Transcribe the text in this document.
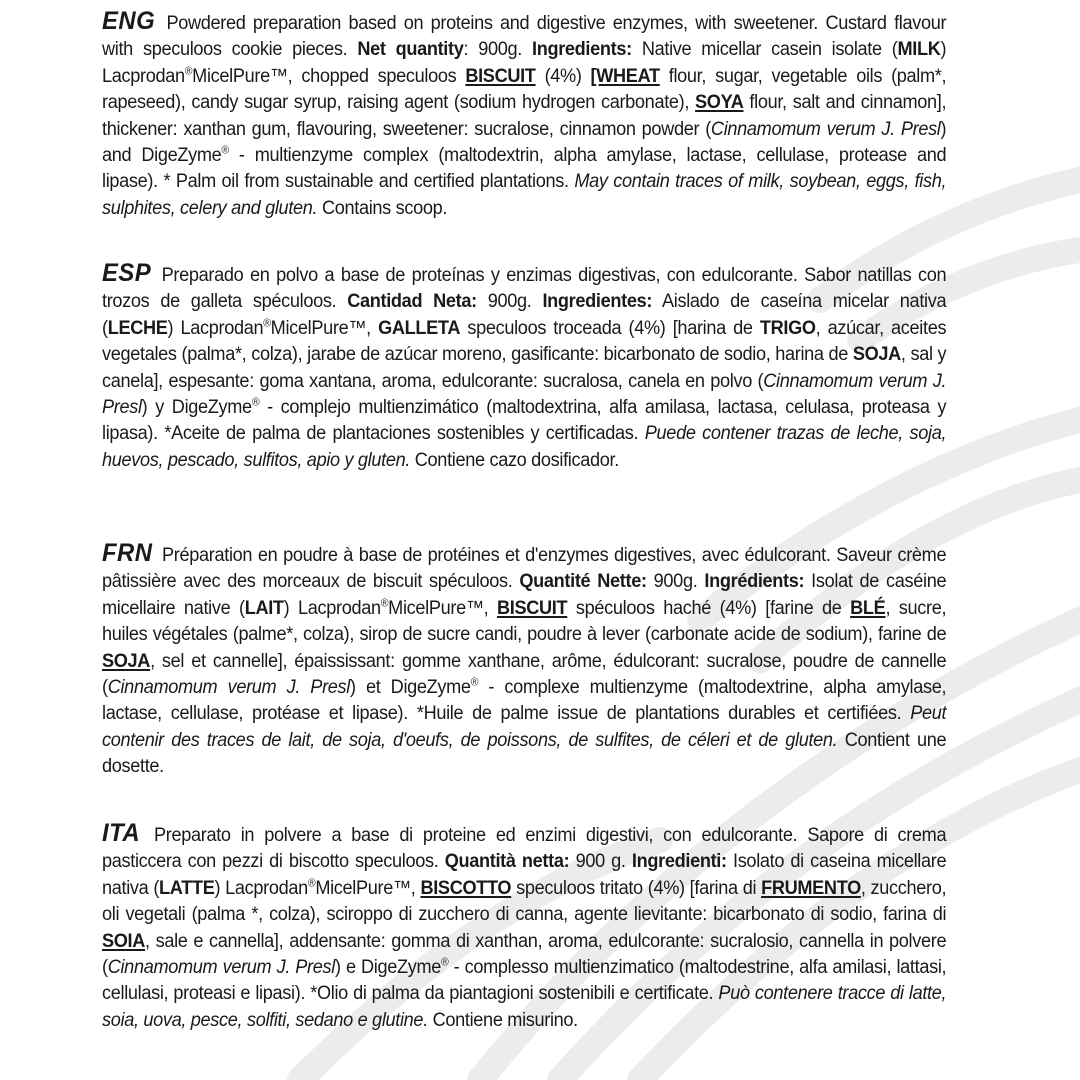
ENG Powdered preparation based on proteins and digestive enzymes, with sweetener. Custard flavour with speculoos cookie pieces. Net quantity: 900g. Ingredients: Native micellar casein isolate (MILK) Lacprodan®MicelPure™, chopped speculoos BISCUIT (4%) [WHEAT flour, sugar, vegetable oils (palm*, rapeseed), candy sugar syrup, raising agent (sodium hydrogen carbonate), SOYA flour, salt and cinnamon], thickener: xanthan gum, flavouring, sweetener: sucralose, cinnamon powder (Cinnamomum verum J. Presl) and DigeZyme® - multienzyme complex (maltodextrin, alpha amylase, lactase, cellulase, protease and lipase). * Palm oil from sustainable and certified plantations. May contain traces of milk, soybean, eggs, fish, sulphites, celery and gluten. Contains scoop.
ESP Preparado en polvo a base de proteínas y enzimas digestivas, con edulcorante. Sabor natillas con trozos de galleta spéculoos. Cantidad Neta: 900g. Ingredientes: Aislado de caseína micelar nativa (LECHE) Lacprodan®MicelPure™, GALLETA speculoos troceada (4%) [harina de TRIGO, azúcar, aceites vegetales (palma*, colza), jarabe de azúcar moreno, gasificante: bicarbonato de sodio, harina de SOJA, sal y canela], espesante: goma xantana, aroma, edulcorante: sucralosa, canela en polvo (Cinnamomum verum J. Presl) y DigeZyme® - complejo multienzimático (maltodextrina, alfa amilasa, lactasa, celulasa, proteasa y lipasa). *Aceite de palma de plantaciones sostenibles y certificadas. Puede contener trazas de leche, soja, huevos, pescado, sulfitos, apio y gluten. Contiene cazo dosificador.
FRN Préparation en poudre à base de protéines et d'enzymes digestives, avec édulcorant. Saveur crème pâtissière avec des morceaux de biscuit spéculoos. Quantité Nette: 900g. Ingrédients: Isolat de caséine micellaire native (LAIT) Lacprodan®MicelPure™, BISCUIT spéculoos haché (4%) [farine de BLÉ, sucre, huiles végétales (palme*, colza), sirop de sucre candi, poudre à lever (carbonate acide de sodium), farine de SOJA, sel et cannelle], épaississant: gomme xanthane, arôme, édulcorant: sucralose, poudre de cannelle (Cinnamomum verum J. Presl) et DigeZyme® - complexe multienzyme (maltodextrine, alpha amylase, lactase, cellulase, protéase et lipase). *Huile de palme issue de plantations durables et certifiées. Peut contenir des traces de lait, de soja, d'oeufs, de poissons, de sulfites, de céleri et de gluten. Contient une dosette.
ITA Preparato in polvere a base di proteine ed enzimi digestivi, con edulcorante. Sapore di crema pasticcera con pezzi di biscotto speculoos. Quantità netta: 900 g. Ingredienti: Isolato di caseina micellare nativa (LATTE) Lacprodan®MicelPure™, BISCOTTO speculoos tritato (4%) [farina di FRUMENTO, zucchero, oli vegetali (palma *, colza), sciroppo di zucchero di canna, agente lievitante: bicarbonato di sodio, farina di SOIA, sale e cannella], addensante: gomma di xanthan, aroma, edulcorante: sucralosio, cannella in polvere (Cinnamomum verum J. Presl) e DigeZyme® - complesso multienzimatico (maltodestrine, alfa amilasi, lattasi, cellulasi, proteasi e lipasi). *Olio di palma da piantagioni sostenibili e certificate. Può contenere tracce di latte, soia, uova, pesce, solfiti, sedano e glutine. Contiene misurino.
